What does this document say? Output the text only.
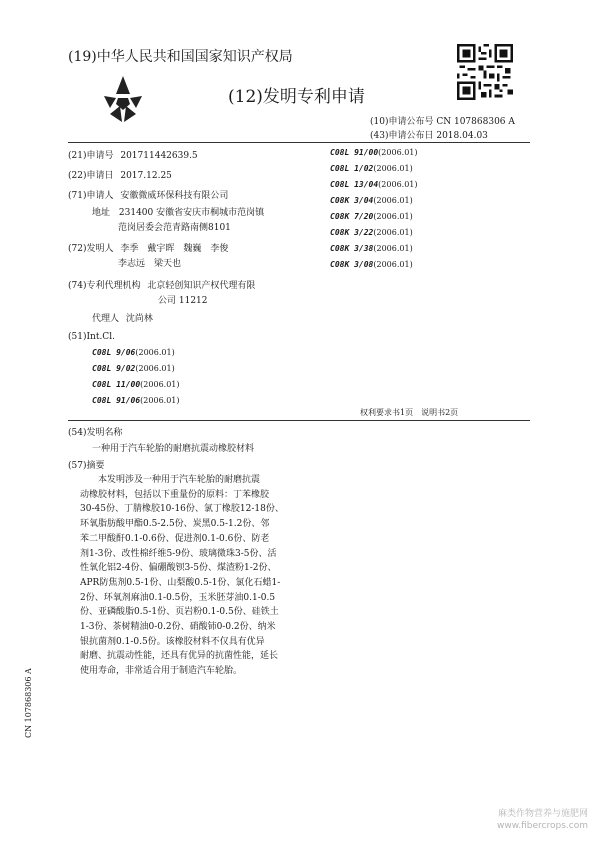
(19)中华人民共和国国家知识产权局
(12)发明专利申请
(10)申请公布号 CN 107868306 A
(43)申请公布日 2018.04.03
(21)申请号 201711442639.5
(22)申请日 2017.12.25
(71)申请人 安徽微威环保科技有限公司
地址 231400 安徽省安庆市桐城市范岗镇
范岗居委会范青路南侧8101
(72)发明人 李季　戴宇晖　魏巍　李俊
李志远　梁天也
(74)专利代理机构 北京轻创知识产权代理有限
公司 11212
代理人 沈尚林
(51)Int.Cl.
C08L 9/06(2006.01)
C08L 9/02(2006.01)
C08L 11/00(2006.01)
C08L 91/06(2006.01)
C08L 91/00(2006.01)
C08L 1/02(2006.01)
C08L 13/04(2006.01)
C08K 3/04(2006.01)
C08K 7/20(2006.01)
C08K 3/22(2006.01)
C08K 3/38(2006.01)
C08K 3/08(2006.01)
权利要求书1页　说明书2页
(54)发明名称
一种用于汽车轮胎的耐磨抗震动橡胶材料
(57)摘要
本发明涉及一种用于汽车轮胎的耐磨抗震
动橡胶材料，包括以下重量份的原料：丁苯橡胶
30-45份、丁腈橡胶10-16份、氯丁橡胶12-18份、
环氧脂肪酸甲酯0.5-2.5份、炭黑0.5-1.2份、邻
苯二甲酸酐0.1-0.6份、促进剂0.1-0.6份、防老
剂1-3份、改性棉纤维5-9份、玻璃微珠3-5份、活
性氧化铝2-4份、偏硼酸钡3-5份、煤渣粉1-2份、
APR防焦剂0.5-1份、山梨酸0.5-1份、氯化石蜡1-
2份、环氧剂麻油0.1-0.5份，玉米胚芽油0.1-0.5
份、亚磷酸脂0.5-1份、页岩粉0.1-0.5份、硅铁土
1-3份、茶树精油0-0.2份、硝酸铈0-0.2份、纳米
银抗菌剂0.1-0.5份。该橡胶材料不仅具有优异
耐磨、抗震动性能，还具有优异的抗菌性能，延长
使用寿命，非常适合用于制造汽车轮胎。
CN 107868306 A
麻类作物营养与施肥网 www.fibercrops.com
